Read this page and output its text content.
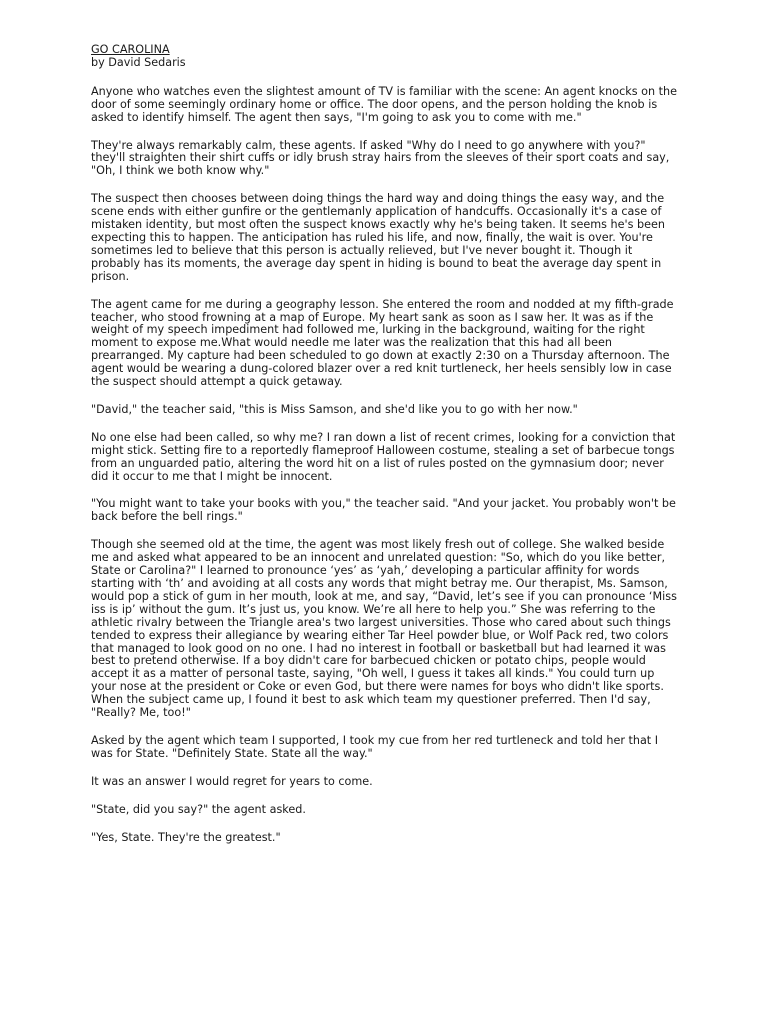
GO CAROLINA
by David Sedaris

Anyone who watches even the slightest amount of TV is familiar with the scene: An agent knocks on the door of some seemingly ordinary home or office. The door opens, and the person holding the knob is asked to identify himself. The agent then says, "I'm going to ask you to come with me."

They're always remarkably calm, these agents. If asked "Why do I need to go anywhere with you?" they'll straighten their shirt cuffs or idly brush stray hairs from the sleeves of their sport coats and say, "Oh, I think we both know why."

The suspect then chooses between doing things the hard way and doing things the easy way, and the scene ends with either gunfire or the gentlemanly application of handcuffs. Occasionally it's a case of mistaken identity, but most often the suspect knows exactly why he's being taken. It seems he's been expecting this to happen. The anticipation has ruled his life, and now, finally, the wait is over. You're sometimes led to believe that this person is actually relieved, but I've never bought it. Though it probably has its moments, the average day spent in hiding is bound to beat the average day spent in prison.

The agent came for me during a geography lesson. She entered the room and nodded at my fifth-grade teacher, who stood frowning at a map of Europe. My heart sank as soon as I saw her. It was as if the weight of my speech impediment had followed me, lurking in the background, waiting for the right moment to expose me.What would needle me later was the realization that this had all been prearranged. My capture had been scheduled to go down at exactly 2:30 on a Thursday afternoon. The agent would be wearing a dung-colored blazer over a red knit turtleneck, her heels sensibly low in case the suspect should attempt a quick getaway.

"David," the teacher said, "this is Miss Samson, and she'd like you to go with her now."

No one else had been called, so why me? I ran down a list of recent crimes, looking for a conviction that might stick. Setting fire to a reportedly flameproof Halloween costume, stealing a set of barbecue tongs from an unguarded patio, altering the word hit on a list of rules posted on the gymnasium door; never did it occur to me that I might be innocent.

"You might want to take your books with you," the teacher said. "And your jacket. You probably won't be back before the bell rings."

Though she seemed old at the time, the agent was most likely fresh out of college. She walked beside me and asked what appeared to be an innocent and unrelated question: "So, which do you like better, State or Carolina?" I learned to pronounce ‘yes’ as ‘yah,’ developing a particular affinity for words starting with ‘th’ and avoiding at all costs any words that might betray me. Our therapist, Ms. Samson, would pop a stick of gum in her mouth, look at me, and say, “David, let’s see if you can pronounce ‘Miss iss is ip’ without the gum. It’s just us, you know. We’re all here to help you.” She was referring to the athletic rivalry between the Triangle area's two largest universities. Those who cared about such things tended to express their allegiance by wearing either Tar Heel powder blue, or Wolf Pack red, two colors that managed to look good on no one. I had no interest in football or basketball but had learned it was best to pretend otherwise. If a boy didn't care for barbecued chicken or potato chips, people would accept it as a matter of personal taste, saying, "Oh well, I guess it takes all kinds." You could turn up your nose at the president or Coke or even God, but there were names for boys who didn't like sports. When the subject came up, I found it best to ask which team my questioner preferred. Then I'd say, "Really? Me, too!"

Asked by the agent which team I supported, I took my cue from her red turtleneck and told her that I was for State. "Definitely State. State all the way."

It was an answer I would regret for years to come.

"State, did you say?" the agent asked.

"Yes, State. They're the greatest."
